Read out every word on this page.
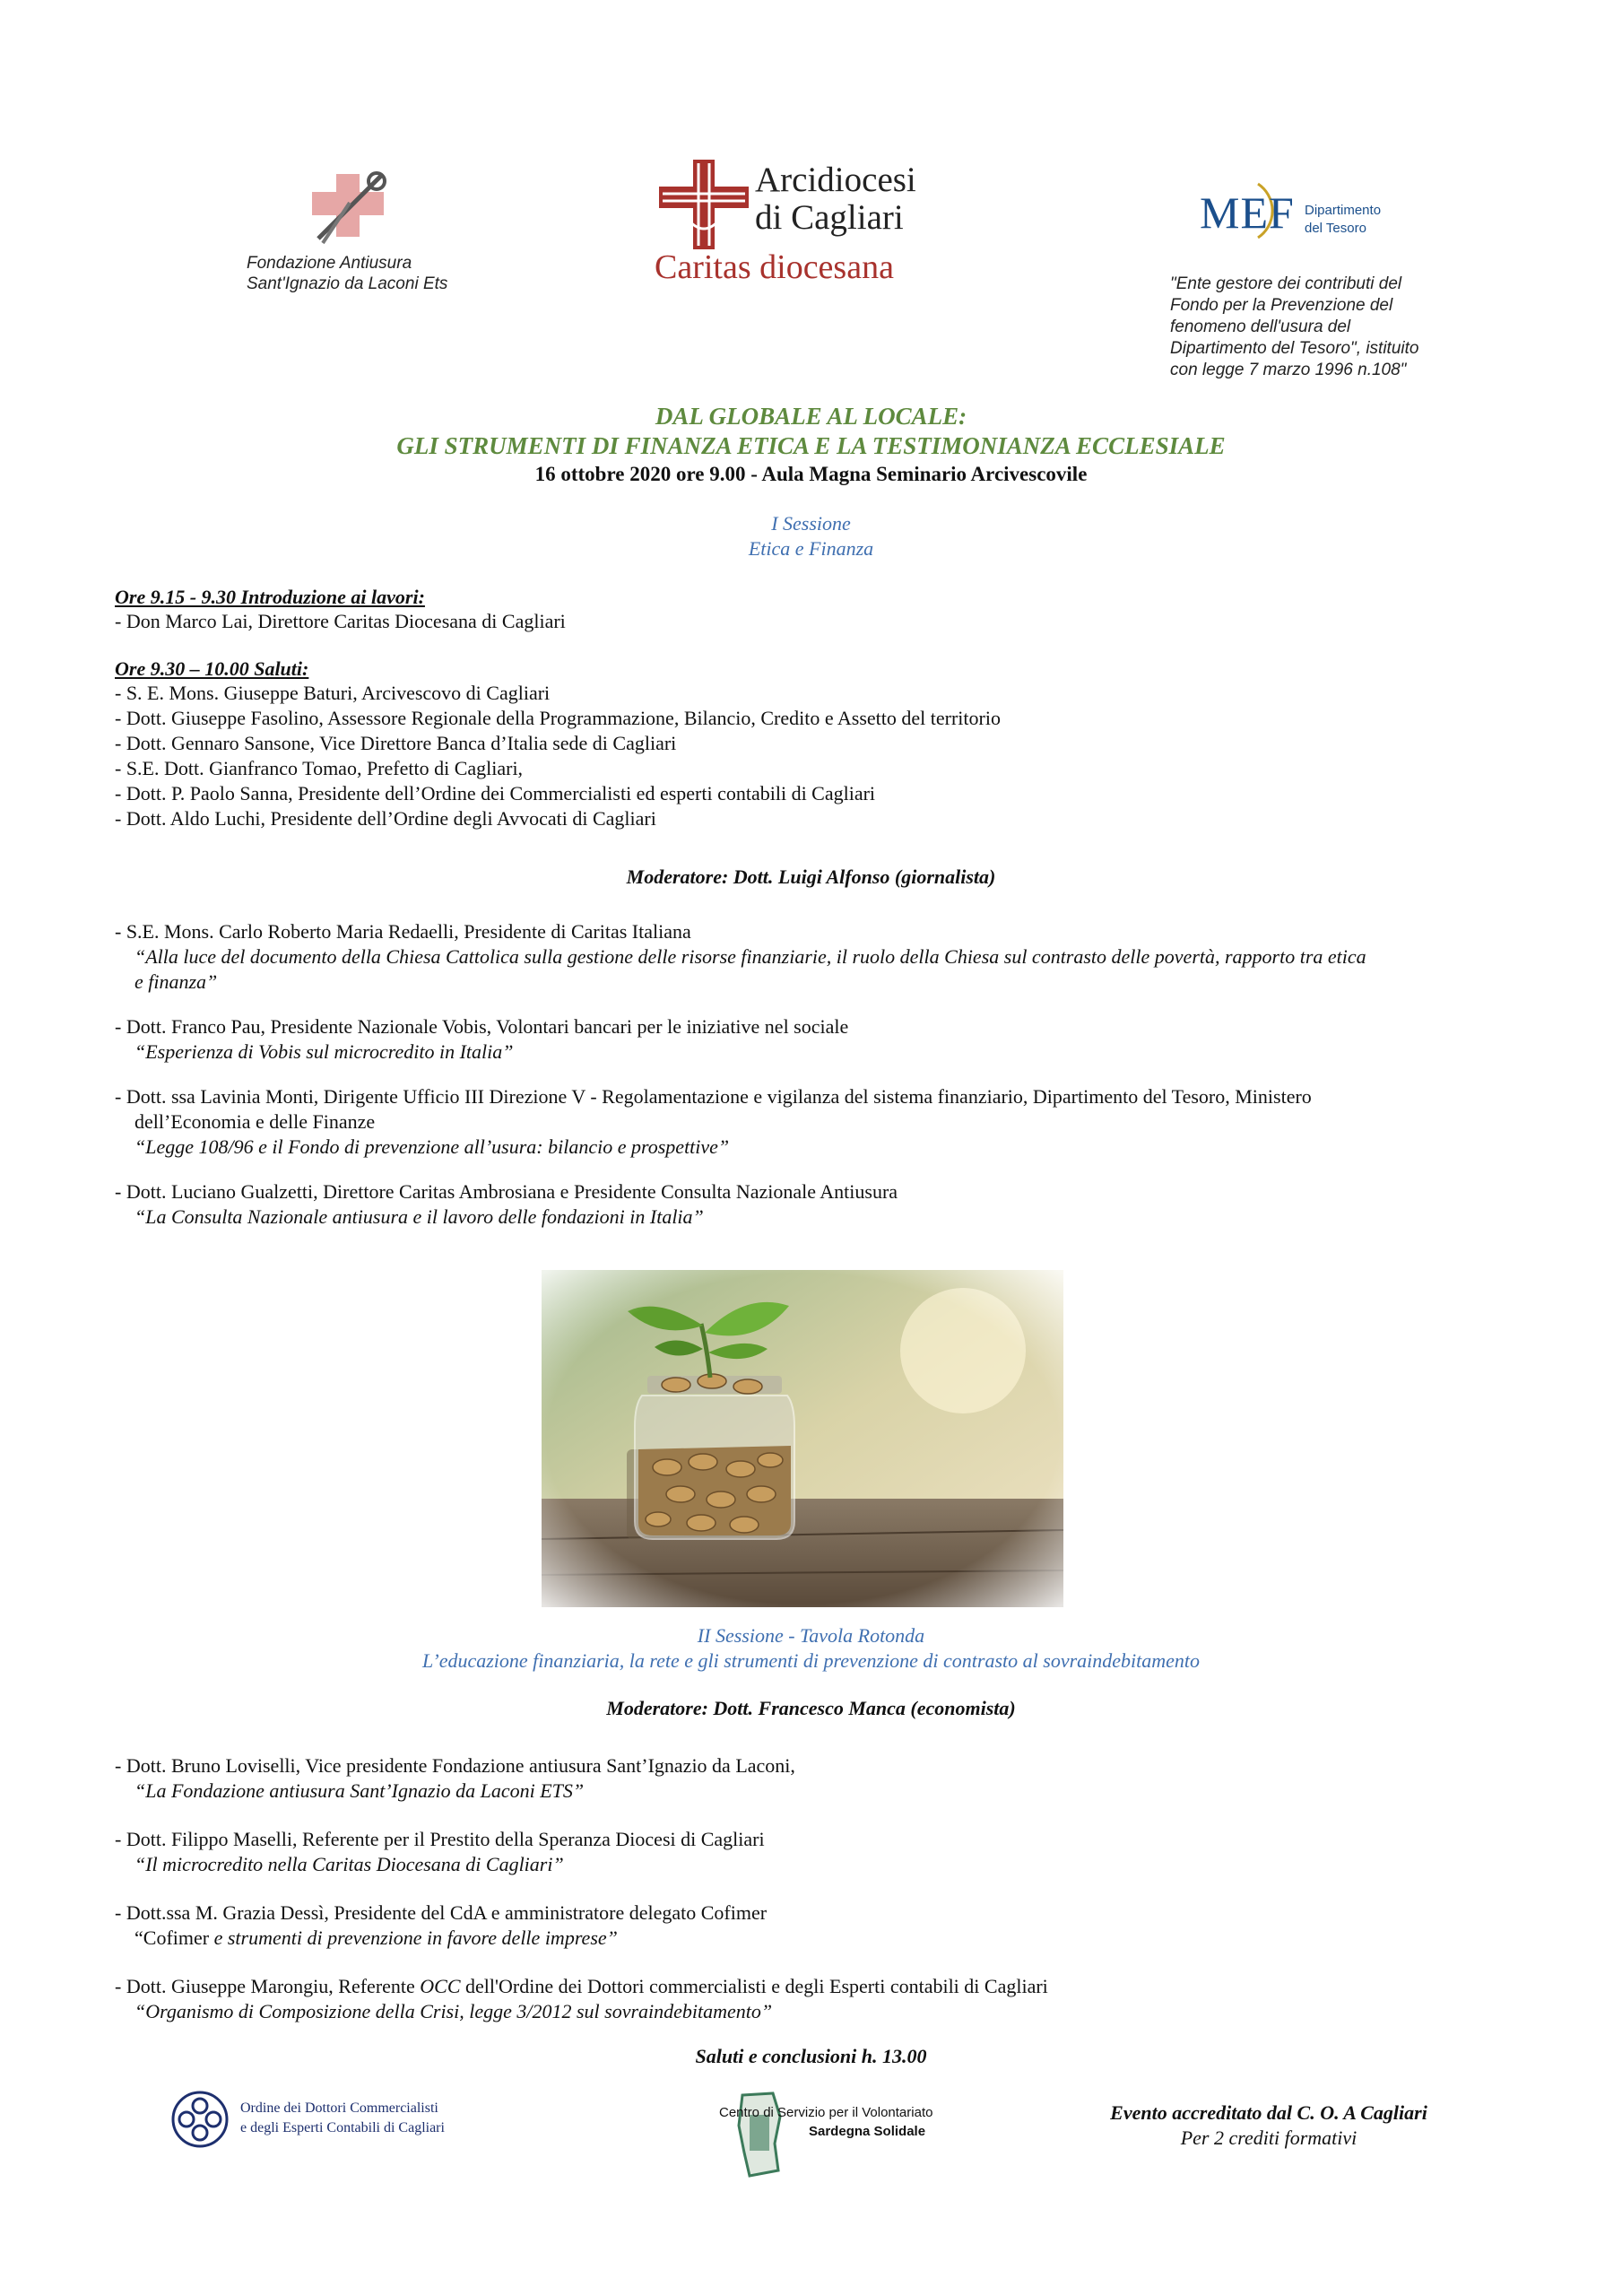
Fondazione Antiusura
Sant'Ignazio da Laconi Ets
Arcidiocesi
di Cagliari
Caritas diocesana
MEF Dipartimento
del Tesoro
"Ente gestore dei contributi del
Fondo per la Prevenzione del
fenomeno dell'usura del
Dipartimento del Tesoro", istituito
con legge 7 marzo 1996 n.108"
DAL GLOBALE AL LOCALE:
GLI STRUMENTI DI FINANZA ETICA E LA TESTIMONIANZA ECCLESIALE
16 ottobre 2020 ore 9.00 - Aula Magna Seminario Arcivescovile
I Sessione
Etica e Finanza
Ore 9.15 - 9.30 Introduzione ai lavori:
- Don Marco Lai, Direttore Caritas Diocesana di Cagliari
Ore 9.30 – 10.00 Saluti:
- S. E. Mons. Giuseppe Baturi, Arcivescovo di Cagliari
- Dott. Giuseppe Fasolino, Assessore Regionale della Programmazione, Bilancio, Credito e Assetto del territorio
- Dott. Gennaro Sansone, Vice Direttore Banca d’Italia sede di Cagliari
- S.E. Dott. Gianfranco Tomao, Prefetto di Cagliari,
- Dott. P. Paolo Sanna, Presidente dell’Ordine dei Commercialisti ed esperti contabili di Cagliari
- Dott. Aldo Luchi, Presidente dell’Ordine degli Avvocati di Cagliari
Moderatore: Dott. Luigi Alfonso (giornalista)
- S.E. Mons. Carlo Roberto Maria Redaelli, Presidente di Caritas Italiana
“Alla luce del documento della Chiesa Cattolica sulla gestione delle risorse finanziarie, il ruolo della Chiesa sul contrasto delle povertà, rapporto tra etica
e finanza”
- Dott. Franco Pau, Presidente Nazionale Vobis, Volontari bancari per le iniziative nel sociale
“Esperienza di Vobis sul microcredito in Italia”
- Dott. ssa Lavinia Monti, Dirigente Ufficio III Direzione V - Regolamentazione e vigilanza del sistema finanziario, Dipartimento del Tesoro, Ministero
dell’Economia e delle Finanze
“Legge 108/96 e il Fondo di prevenzione all’usura: bilancio e prospettive”
- Dott. Luciano Gualzetti, Direttore Caritas Ambrosiana e Presidente Consulta Nazionale Antiusura
“La Consulta Nazionale antiusura e il lavoro delle fondazioni in Italia”
II Sessione - Tavola Rotonda
L’educazione finanziaria, la rete e gli strumenti di prevenzione di contrasto al sovraindebitamento
Moderatore: Dott. Francesco Manca (economista)
- Dott. Bruno Loviselli, Vice presidente Fondazione antiusura Sant’Ignazio da Laconi,
“La Fondazione antiusura Sant’Ignazio da Laconi ETS”
- Dott. Filippo Maselli, Referente per il Prestito della Speranza Diocesi di Cagliari
“Il microcredito nella Caritas Diocesana di Cagliari”
- Dott.ssa M. Grazia Dessì, Presidente del CdA e amministratore delegato Cofimer
“Cofimer e strumenti di prevenzione in favore delle imprese”
- Dott. Giuseppe Marongiu, Referente OCC dell'Ordine dei Dottori commercialisti e degli Esperti contabili di Cagliari
“Organismo di Composizione della Crisi, legge 3/2012 sul sovraindebitamento”
Saluti e conclusioni h. 13.00
Ordine dei Dottori Commercialisti
e degli Esperti Contabili di Cagliari
Centro di Servizio per il Volontariato
Sardegna Solidale
Evento accreditato dal C. O. A Cagliari
Per 2 crediti formativi
